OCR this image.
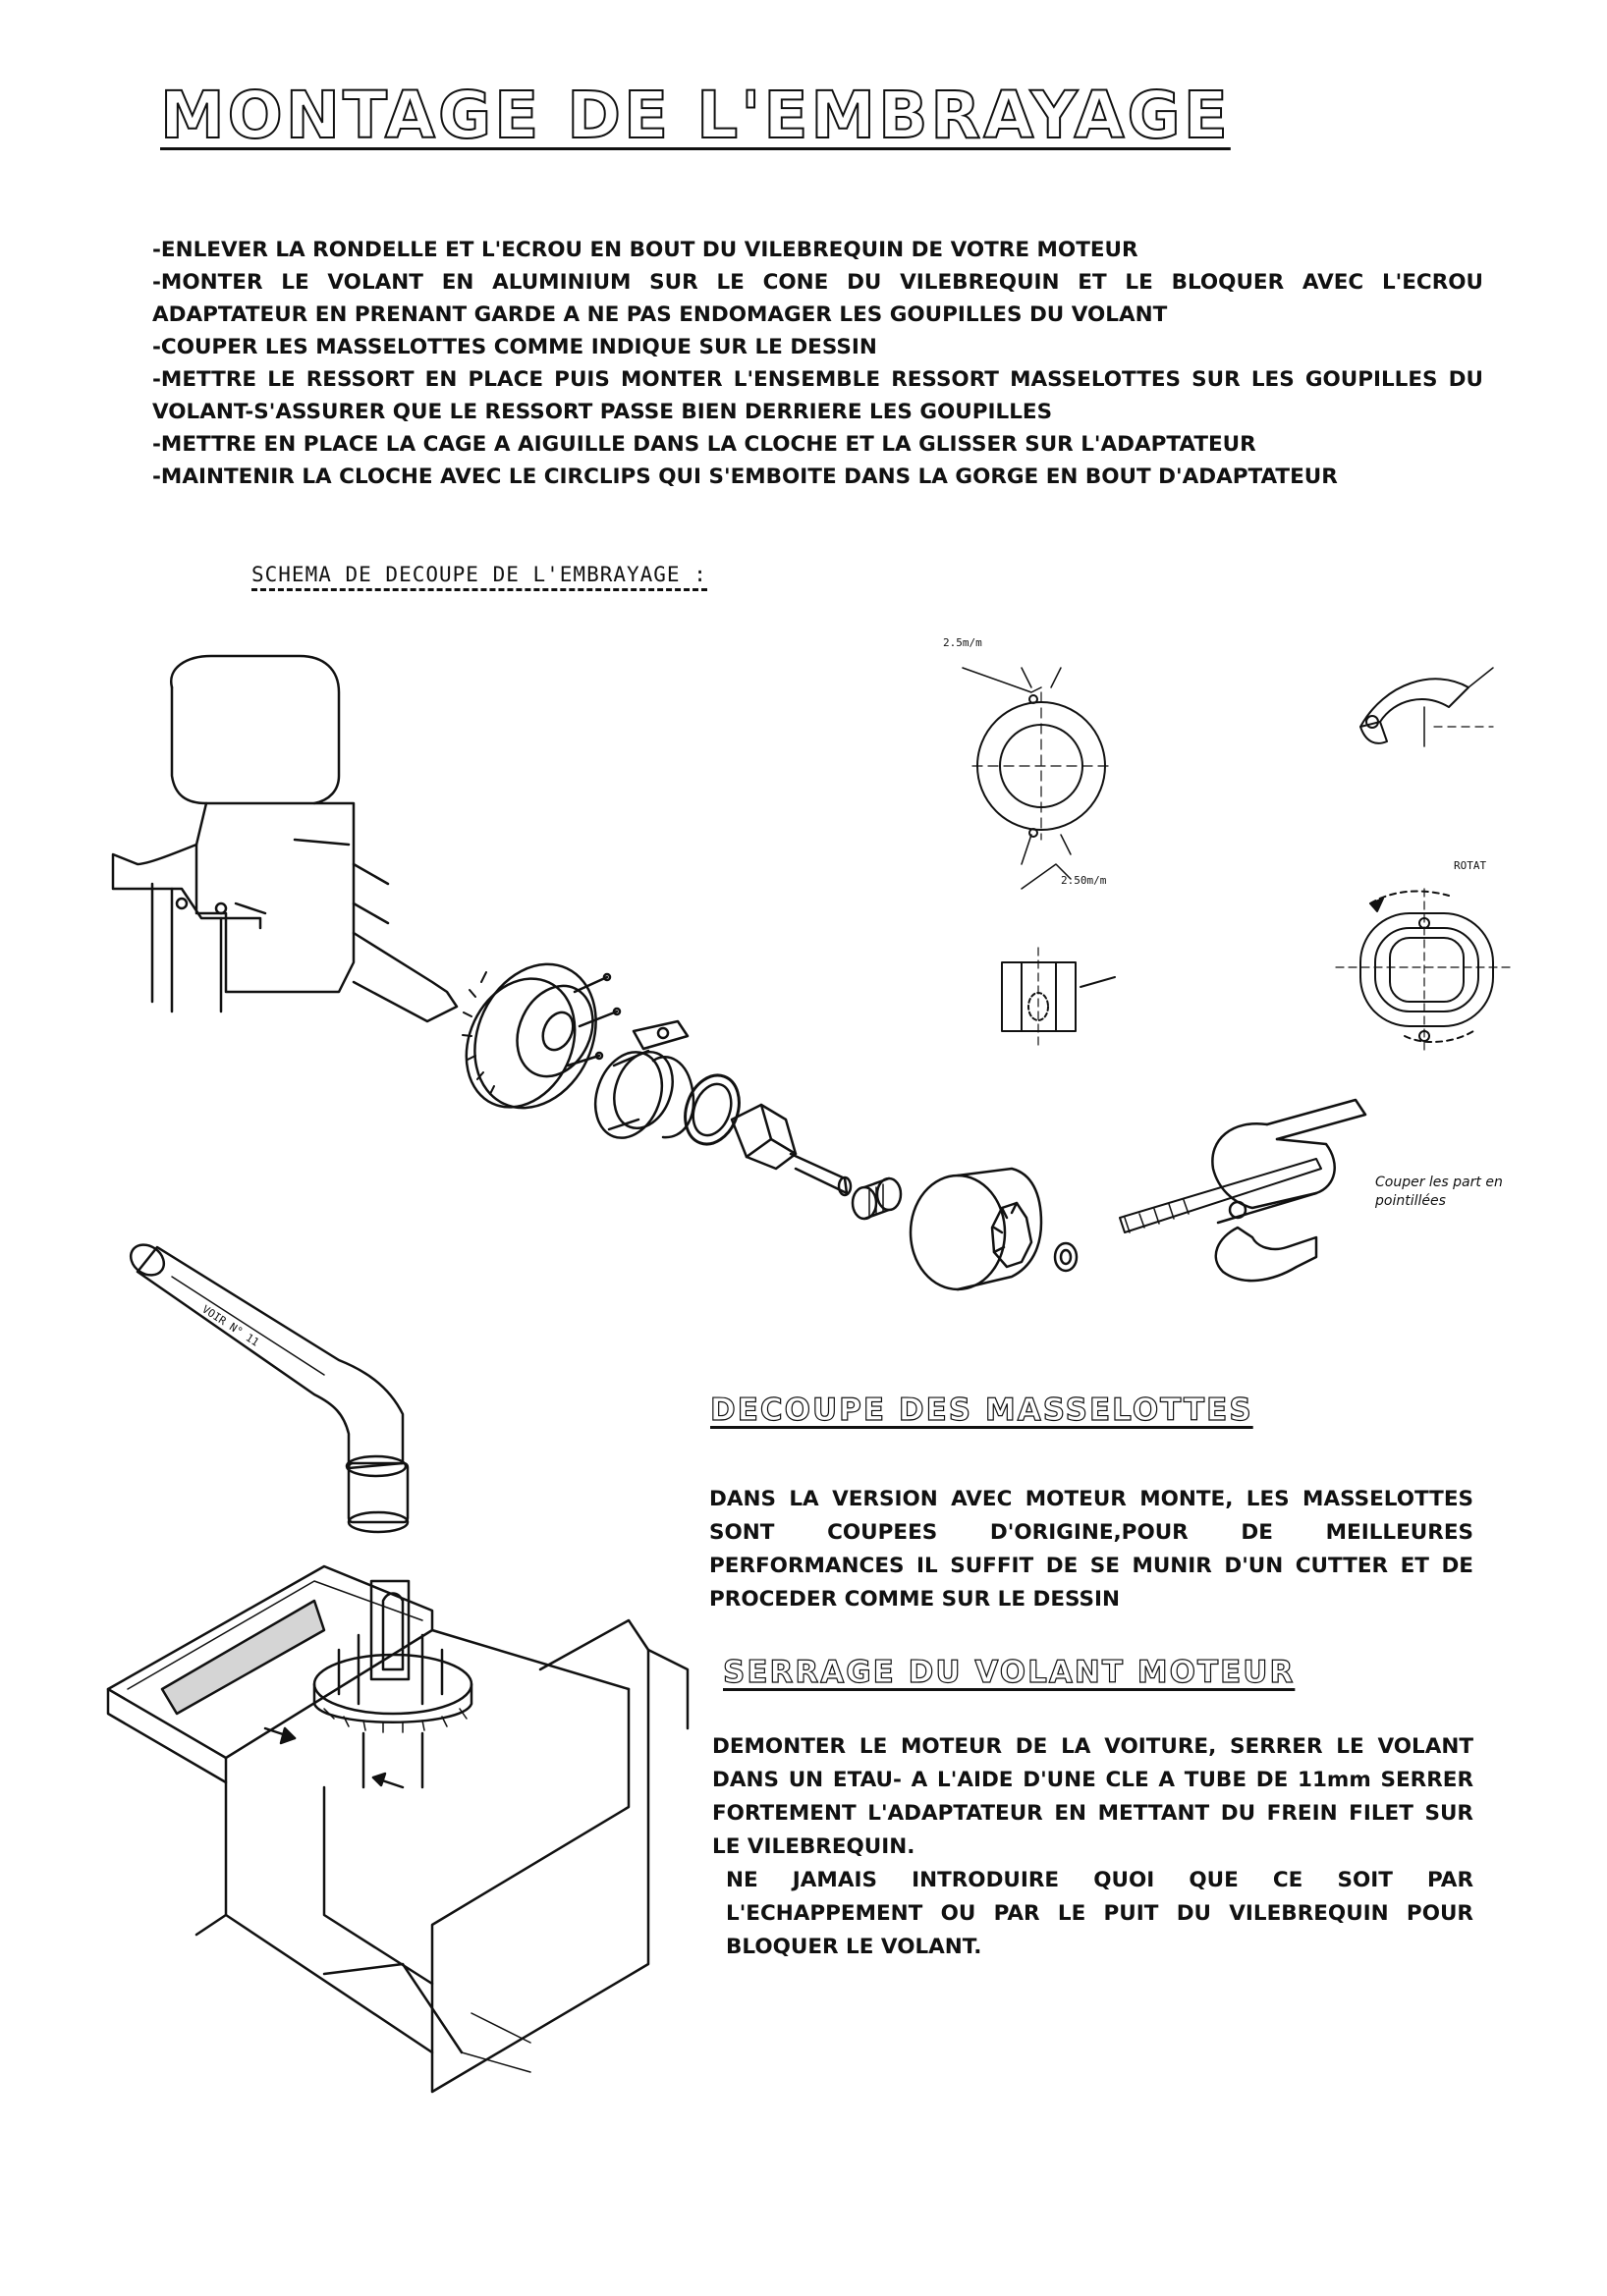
MONTAGE DE L'EMBRAYAGE

-ENLEVER LA RONDELLE ET L'ECROU EN BOUT DU VILEBREQUIN DE VOTRE MOTEUR

-MONTER LE VOLANT EN ALUMINIUM SUR LE CONE DU VILEBREQUIN ET LE BLOQUER AVEC L'ECROU ADAPTATEUR EN PRENANT GARDE A NE PAS ENDOMAGER LES GOUPILLES DU VOLANT

-COUPER LES MASSELOTTES COMME INDIQUE SUR LE DESSIN

-METTRE LE RESSORT EN PLACE PUIS MONTER L'ENSEMBLE RESSORT MASSELOTTES SUR LES GOUPILLES DU VOLANT-S'ASSURER QUE LE RESSORT PASSE BIEN DERRIERE LES GOUPILLES

-METTRE EN PLACE LA CAGE A AIGUILLE DANS LA CLOCHE ET LA GLISSER SUR L'ADAPTATEUR

-MAINTENIR LA CLOCHE AVEC LE CIRCLIPS QUI S'EMBOITE DANS LA GORGE EN BOUT D'ADAPTATEUR

SCHEMA DE DECOUPE DE L'EMBRAYAGE :
VOIR N° 11
2.5m/m
2.50m/m
ROTAT
Couper les part en pointillées
DECOUPE DES MASSELOTTES
DANS LA VERSION AVEC MOTEUR MONTE, LES MASSELOTTES SONT COUPEES D'ORIGINE,POUR DE MEILLEURES PERFORMANCES IL SUFFIT DE SE MUNIR D'UN CUTTER ET DE PROCEDER COMME SUR LE DESSIN
SERRAGE DU VOLANT MOTEUR
DEMONTER LE MOTEUR DE LA VOITURE, SERRER LE VOLANT DANS UN ETAU- A L'AIDE D'UNE CLE A TUBE DE 11mm SERRER FORTEMENT L'ADAPTATEUR EN METTANT DU FREIN FILET SUR LE VILEBREQUIN.
NE JAMAIS INTRODUIRE QUOI QUE CE SOIT PAR L'ECHAPPEMENT OU PAR LE PUIT DU VILEBREQUIN POUR BLOQUER LE VOLANT.
